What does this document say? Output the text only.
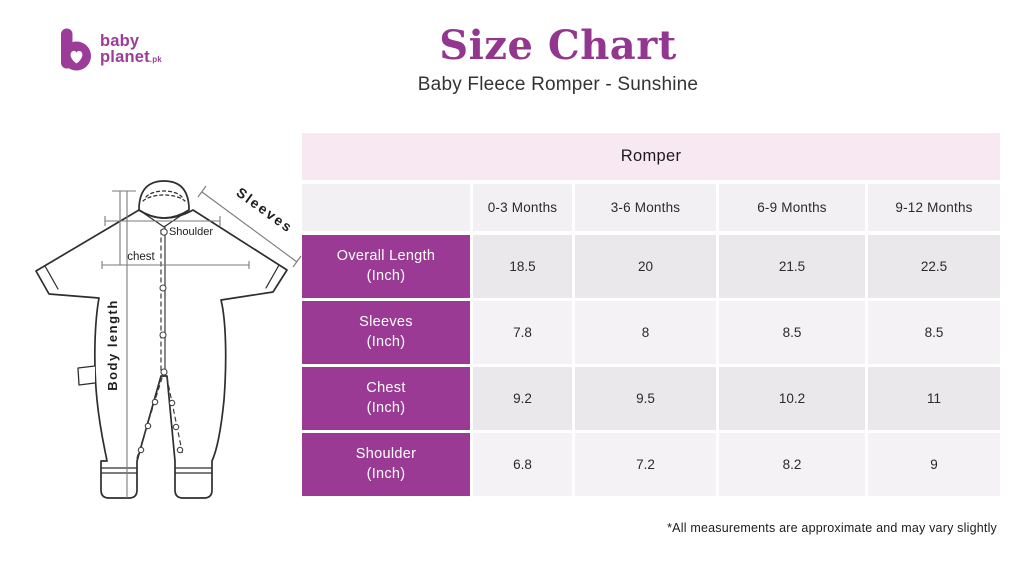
baby
planet.pk	Size Chart
Baby Fleece Romper - Sunshine
Shoulder
chest
Body length
Sleeves
Romper
0-3 Months	3-6 Months	6-9 Months	9-12 Months
Overall Length
(Inch)
18.5	20	21.5	22.5
Sleeves
(Inch)
7.8	8	8.5	8.5
Chest
(Inch)
9.2	9.5	10.2	11
Shoulder
(Inch)
6.8	7.2	8.2	9
*All measurements are approximate and may vary slightly
